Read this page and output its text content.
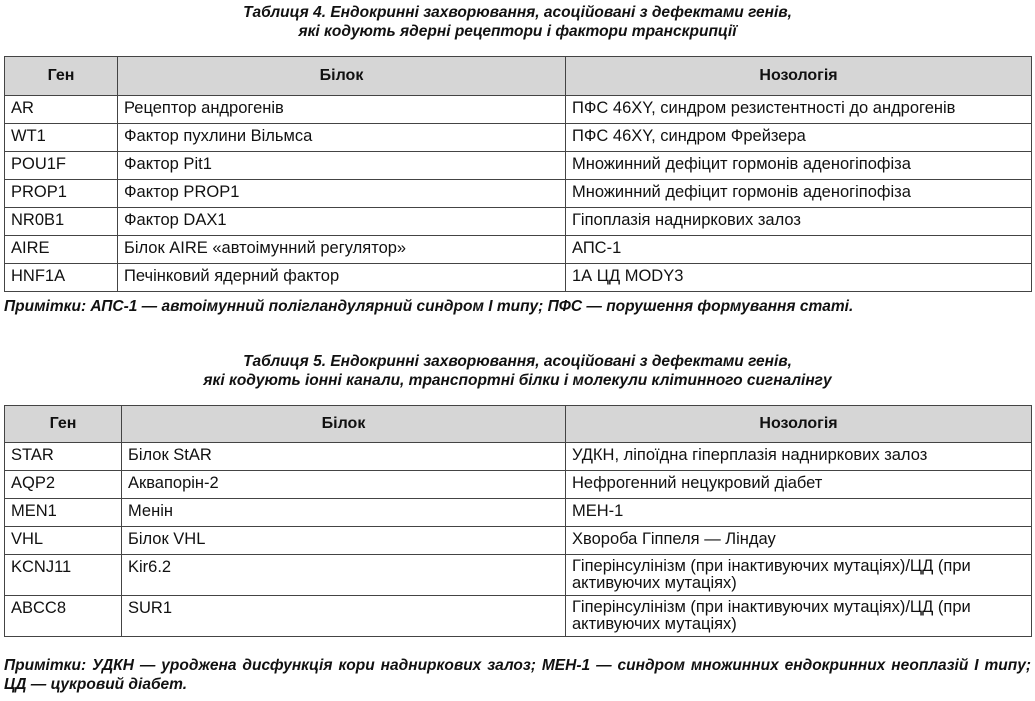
Таблиця 4. Ендокринні захворювання, асоційовані з дефектами генів,
які кодують ядерні рецептори і фактори транскрипції
Ген	Білок	Нозологія
AR	Рецептор андрогенів	ПФС 46XY, синдром резистентності до андрогенів
WT1	Фактор пухлини Вільмса	ПФС 46XY, синдром Фрейзера
POU1F	Фактор Pit1	Множинний дефіцит гормонів аденогіпофіза
PROP1	Фактор PROP1	Множинний дефіцит гормонів аденогіпофіза
NR0B1	Фактор DAX1	Гіпоплазія надниркових залоз
AIRE	Білок AIRE «автоімунний регулятор»	АПС-1
HNF1A	Печінковий ядерний фактор	1А ЦД MODY3
Примітки: АПС-1 — автоімунний полігландулярний синдром І типу; ПФС — порушення формування статі.
Таблиця 5. Ендокринні захворювання, асоційовані з дефектами генів,
які кодують іонні канали, транспортні білки і молекули клітинного сигналінгу
Ген	Білок	Нозологія
STAR	Білок StAR	УДКН, ліпоїдна гіперплазія надниркових залоз
AQP2	Аквапорін-2	Нефрогенний нецукровий діабет
MEN1	Менін	МЕН-1
VHL	Білок VHL	Хвороба Гіппеля — Ліндау
KCNJ11	Kir6.2	Гіперінсулінізм (при інактивуючих мутаціях)/ЦД (при активуючих мутаціях)
ABCC8	SUR1	Гіперінсулінізм (при інактивуючих мутаціях)/ЦД (при активуючих мутаціях)
Примітки: УДКН — уроджена дисфункція кори надниркових залоз; МЕН-1 — синдром множинних ендокринних неоплазій І типу; ЦД — цукровий діабет.
